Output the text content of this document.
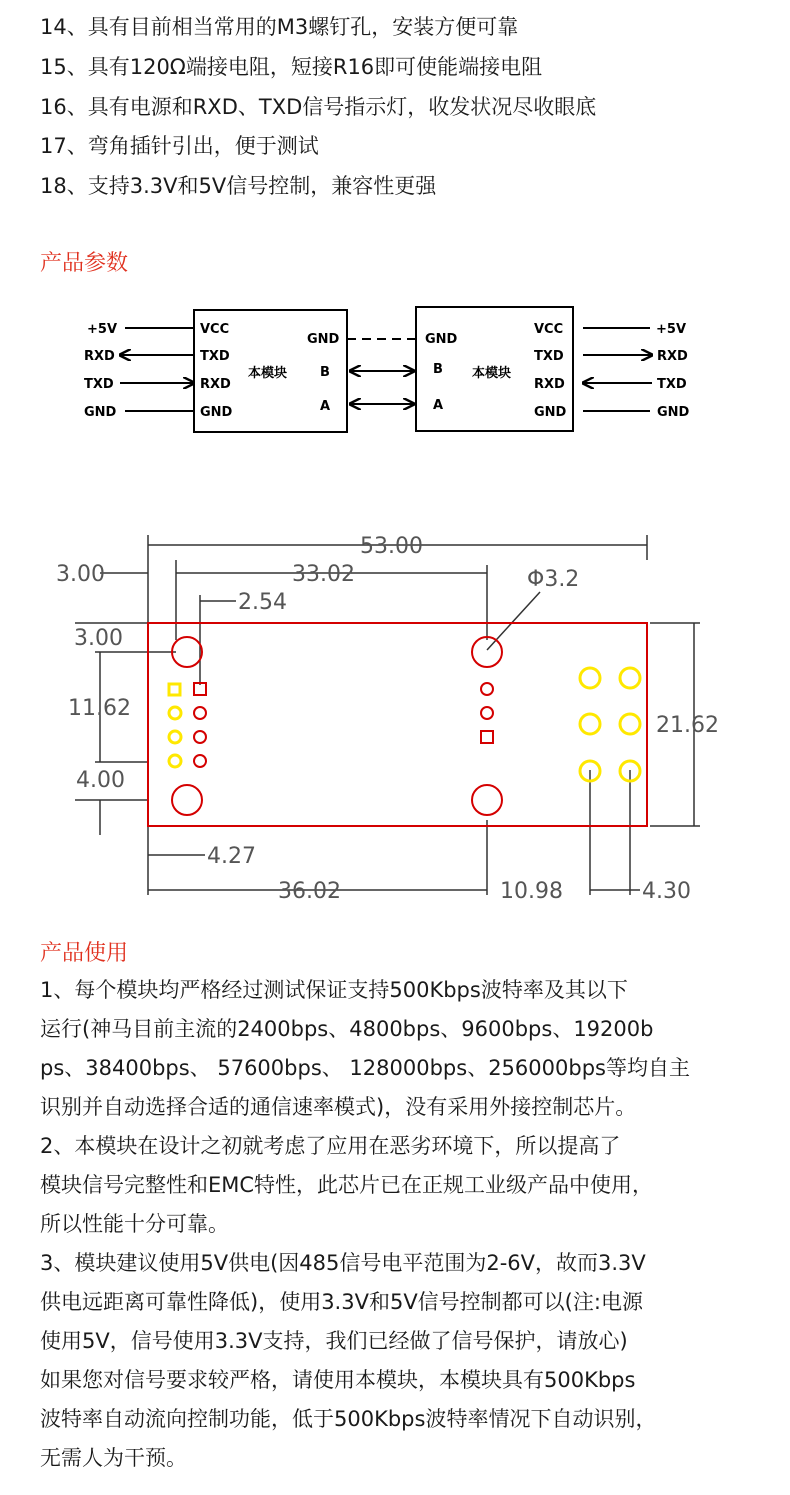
14、具有目前相当常用的M3螺钉孔，安装方便可靠
15、具有120Ω端接电阻，短接R16即可使能端接电阻
16、具有电源和RXD、TXD信号指示灯，收发状况尽收眼底
17、弯角插针引出，便于测试
18、支持3.3V和5V信号控制，兼容性更强
产品参数
本模块
VCC
TXD
RXD
GND
GND
B
A
本模块
GND
B
A
VCC
TXD
RXD
GND
+5V
RXD
TXD
GND
+5V
RXD
TXD
GND
53.00
33.02
3.00
2.54
Φ3.2
3.00
11.62
4.00
21.62
4.27
36.02	10.98	4.30
产品使用
1、每个模块均严格经过测试保证支持500Kbps波特率及其以下
运行(神马目前主流的2400bps、4800bps、9600bps、19200b
ps、38400bps、 57600bps、 128000bps、256000bps等均自主
识别并自动选择合适的通信速率模式)，没有采用外接控制芯片。
2、本模块在设计之初就考虑了应用在恶劣环境下，所以提高了
模块信号完整性和EMC特性，此芯片已在正规工业级产品中使用，
所以性能十分可靠。
3、模块建议使用5V供电(因485信号电平范围为2-6V，故而3.3V
供电远距离可靠性降低)，使用3.3V和5V信号控制都可以(注:电源
使用5V，信号使用3.3V支持，我们已经做了信号保护，请放心)
如果您对信号要求较严格，请使用本模块，本模块具有500Kbps
波特率自动流向控制功能，低于500Kbps波特率情况下自动识别，
无需人为干预。
